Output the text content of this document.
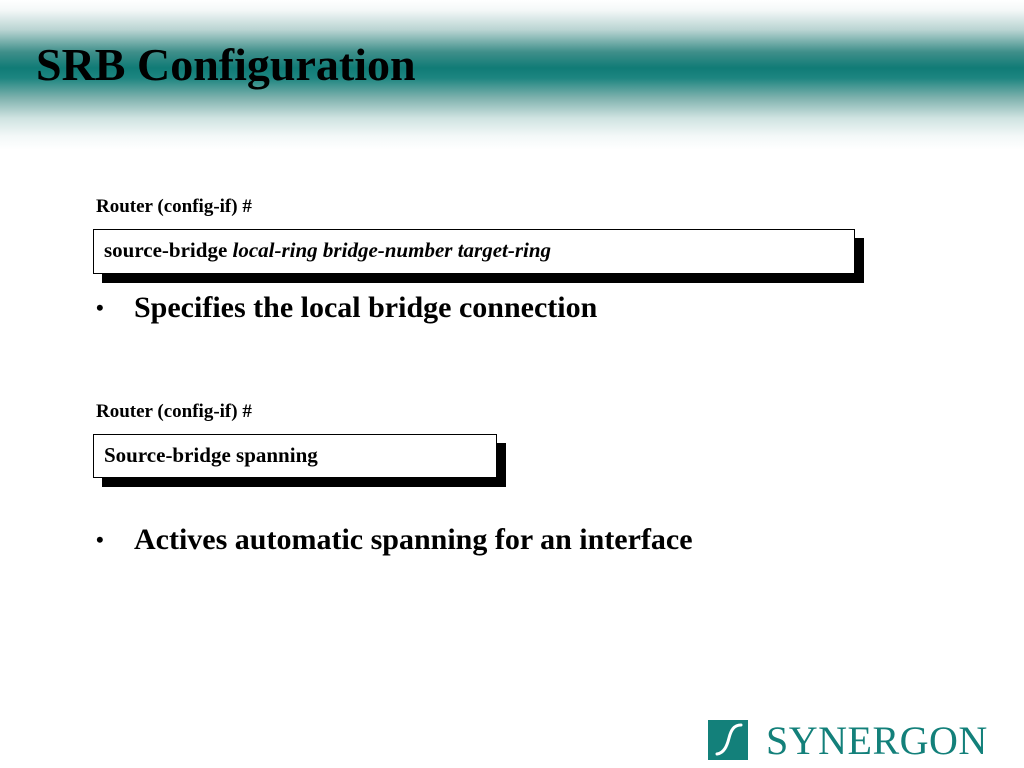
SRB Configuration
Router (config-if) #
source-bridge local-ring bridge-number target-ring
• Specifies the local bridge connection
Router (config-if) #
Source-bridge spanning
• Actives automatic spanning for an interface
SYNERGON
